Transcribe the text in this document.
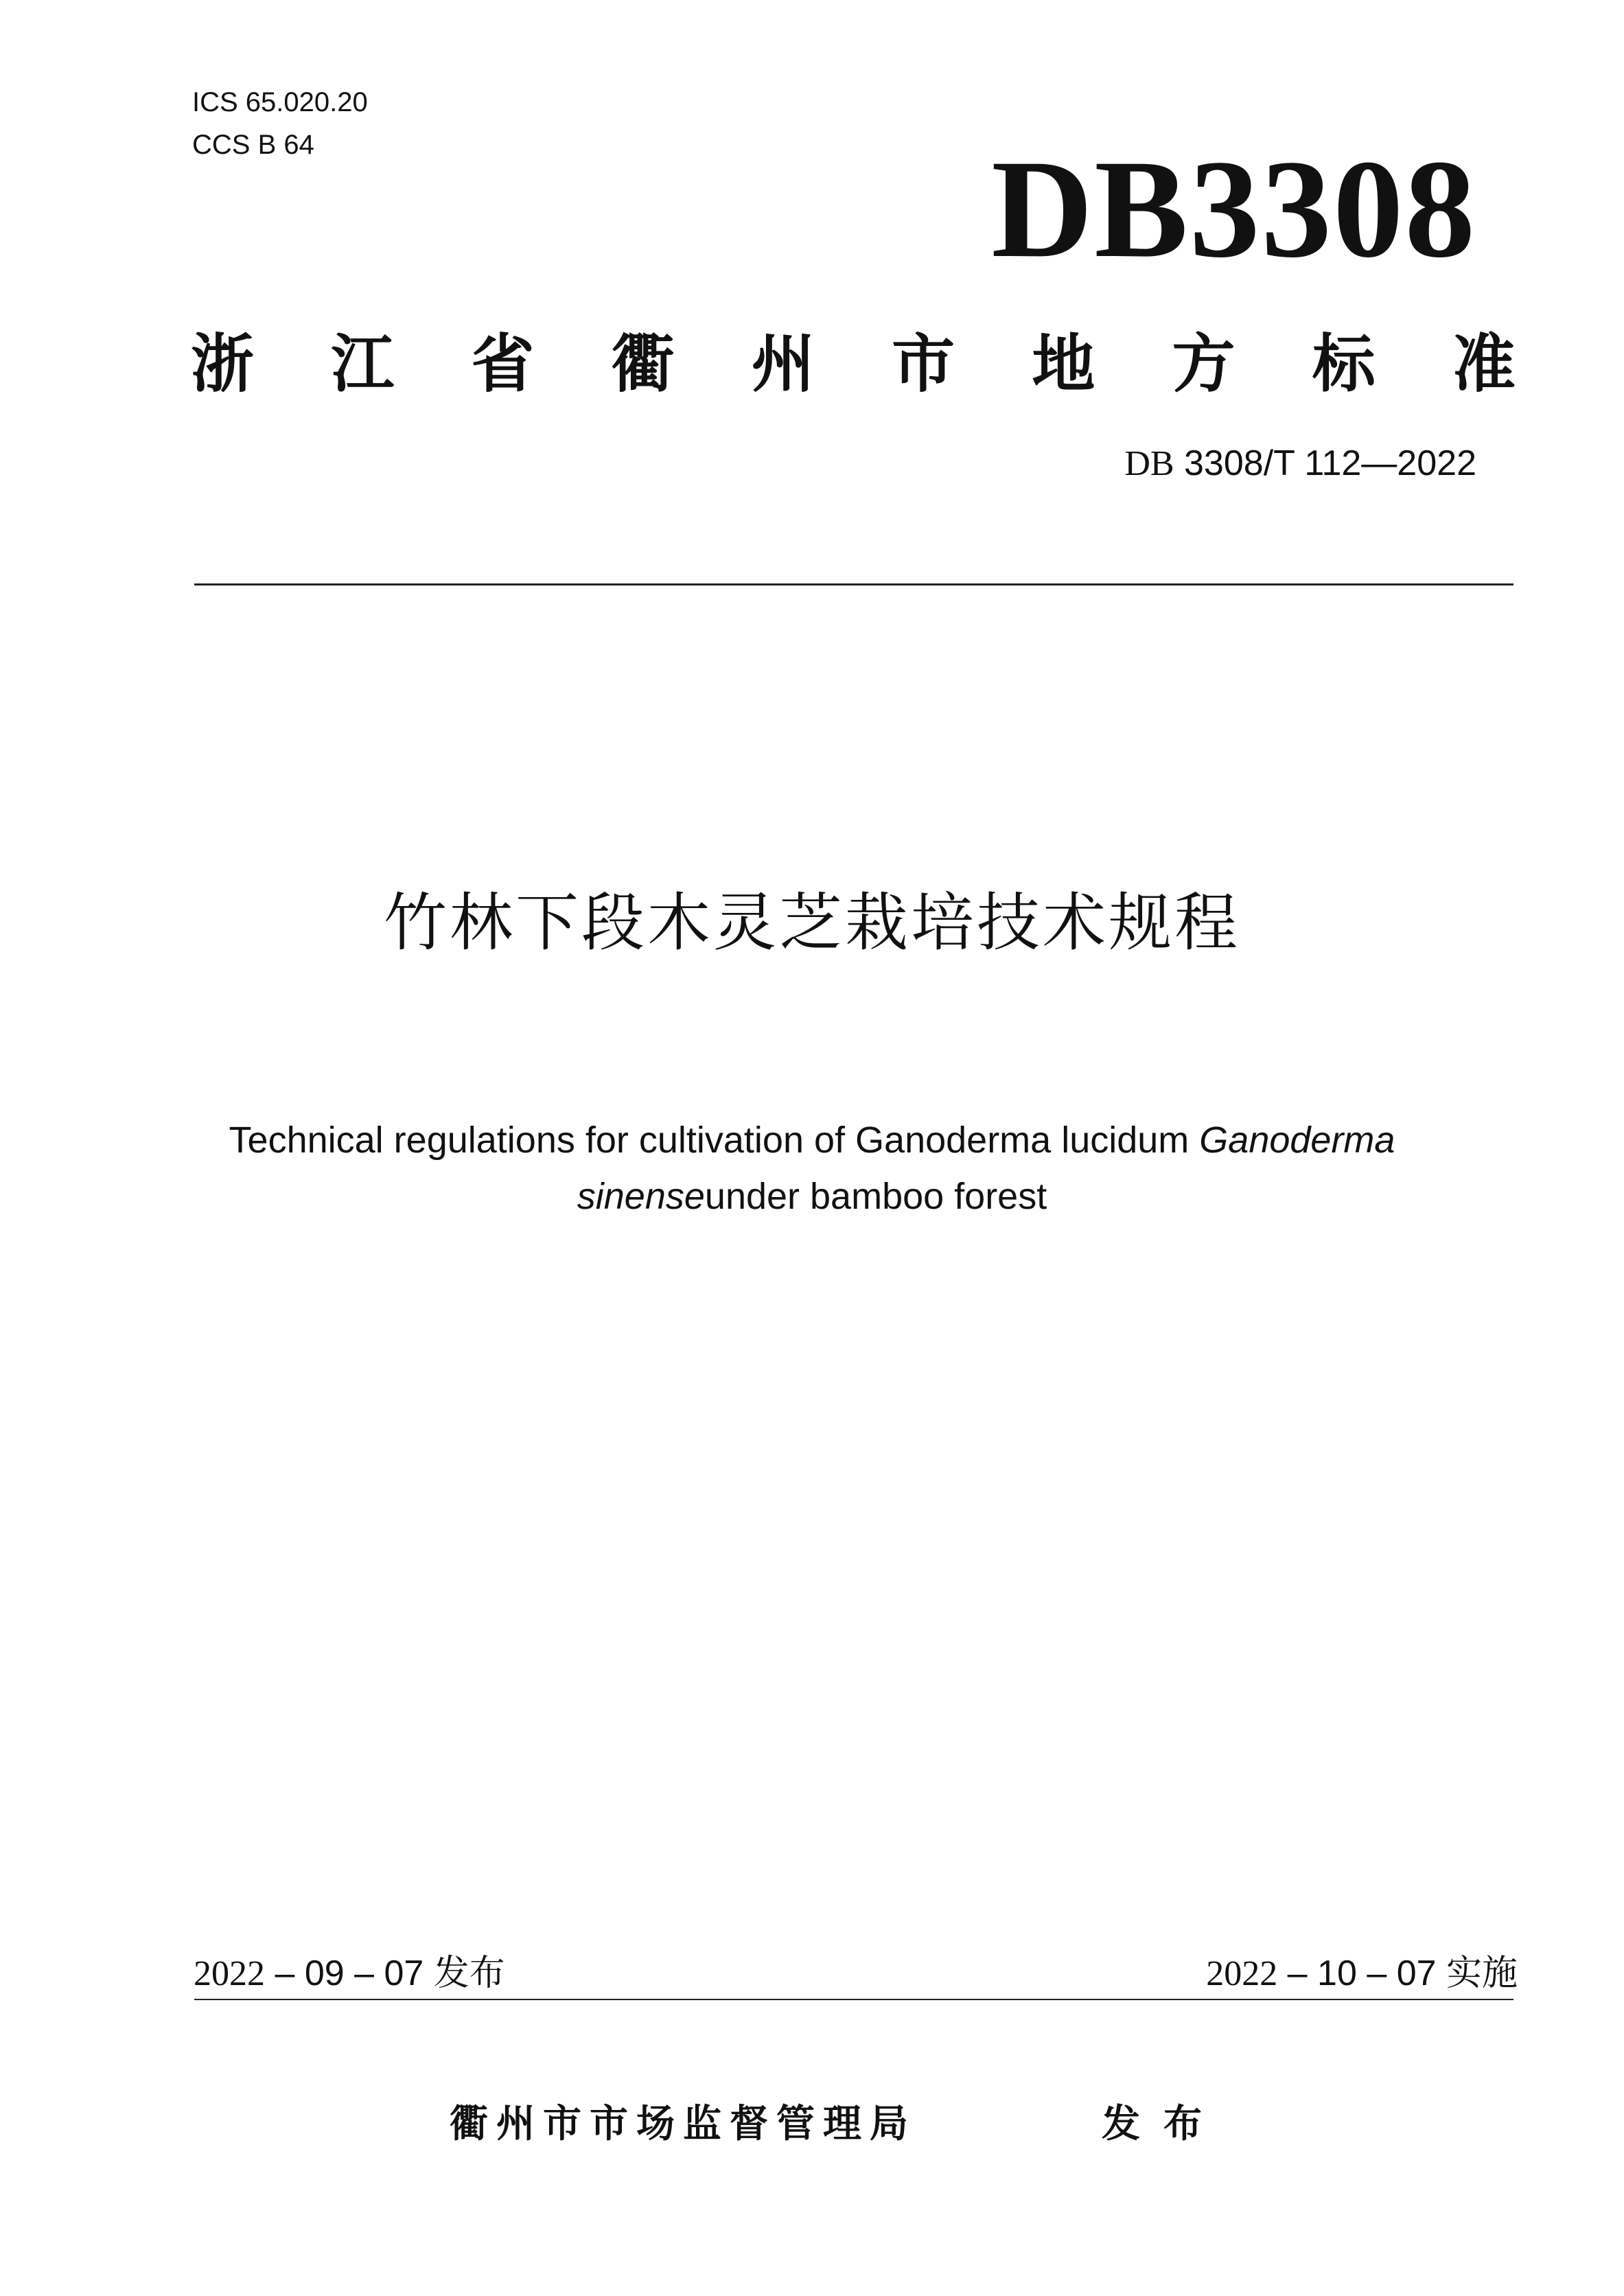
ICS 65.020.20
CCS B 64	DB3308
浙 江 省 衢 州 市 地 方 标 准
DB 3308/T 112—2022
竹林下段木灵芝栽培技术规程
Technical regulations for cultivation of Ganoderma lucidum Ganoderma
sinenseunder bamboo forest
2022 – 09 – 07 发布	2022 – 10 – 07 实施
衢州市市场监督管理局	发布
